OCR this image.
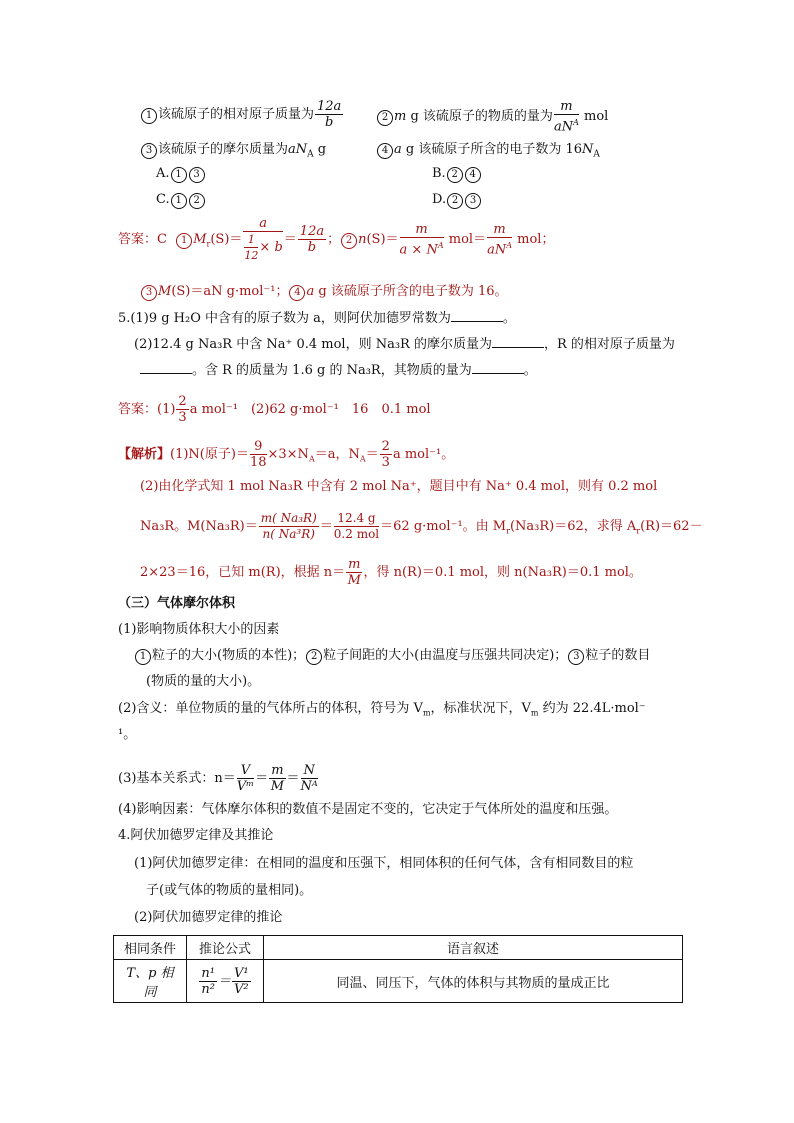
1 该硫原子的相对原子质量为 $\frac{12a}{b}$	2 m g 该硫原子的物质的量为 $\frac{m}{aN^A}$ mol
3 该硫原子的摩尔质量为$aN_A$ g	4 a g 该硫原子所含的电子数为 $16N_A$
A. 1 3	B. 2 4
C. 1 2	D. 2 3
答案：C 1 $M_r(S)= \frac{a}{\frac{1}{12} \times b} = \frac{12a}{b}$ ； 2 $n(S)= \frac{m}{a \times N^A} mol= \frac{m}{aN^A}$ mol；
3 M(S)＝aN g·mol⁻¹； 4 a g 该硫原子所含的电子数为 16。
5.(1)9 g H₂O 中含有的原子数为 a，则阿伏加德罗常数为	。
(2)12.4 g Na₃R 中含 Na⁺ 0.4 mol，则 Na₃R 的摩尔质量为	，R 的相对原子质量为
。含 R 的质量为 1.6 g 的 Na₃R，其物质的量为	。
答案：$(1) \frac{2}{3}$ a mol⁻¹　(2)62 g·mol⁻¹　16　0.1 mol
【解析】(1)N(原子)＝ $\frac{9}{18} \times 3\times N_A=a$，$N_A= \frac{2}{3}$ a mol⁻¹。
(2)由化学式知 1 mol Na₃R 中含有 2 mol Na⁺，题目中有 Na⁺ 0.4 mol，则有 0.2 mol
Na₃R。$M(Na_3R)= \frac{\text{m( Na₃R)}}{\text{n( Na³R)}} = \frac{12.4 g}{\text{0.2 mol}} =62$ g·mol⁻¹。由 $M_r(Na_3R)=62$，求得 $A_r(R)=62-$
2×23＝16，已知 m(R)，根据 $n= \frac{m}{M}$ ，得 n(R)＝0.1 mol，则 n(Na₃R)＝0.1 mol。
（三）气体摩尔体积
(1)影响物质体积大小的因素
1 粒子的大小(物质的本性)； 2 粒子间距的大小(由温度与压强共同决定)； 3 粒子的数目
(物质的量的大小)。
(2)含义：单位物质的量的气体所占的体积，符号为 $V_m$，标准状况下，$V_m$ 约为 22.4L·mol⁻
¹。
(3)基本关系式：$n= \frac{V}{\text{Vᵐ}} = \frac{m}{M} = \frac{N}{\text{Nᴬ}}$
(4)影响因素：气体摩尔体积的数值不是固定不变的，它决定于气体所处的温度和压强。
4.阿伏加德罗定律及其推论
(1)阿伏加德罗定律：在相同的温度和压强下，相同体积的任何气体，含有相同数目的粒
子(或气体的物质的量相同)。
(2)阿伏加德罗定律的推论
相同条件	推论公式	语言叙述
T、p 相同	$\frac{\text{n¹}}{\text{n²}} = \frac{\text{V¹}}{\text{V²}}$	同温、同压下，气体的体积与其物质的量成正比
